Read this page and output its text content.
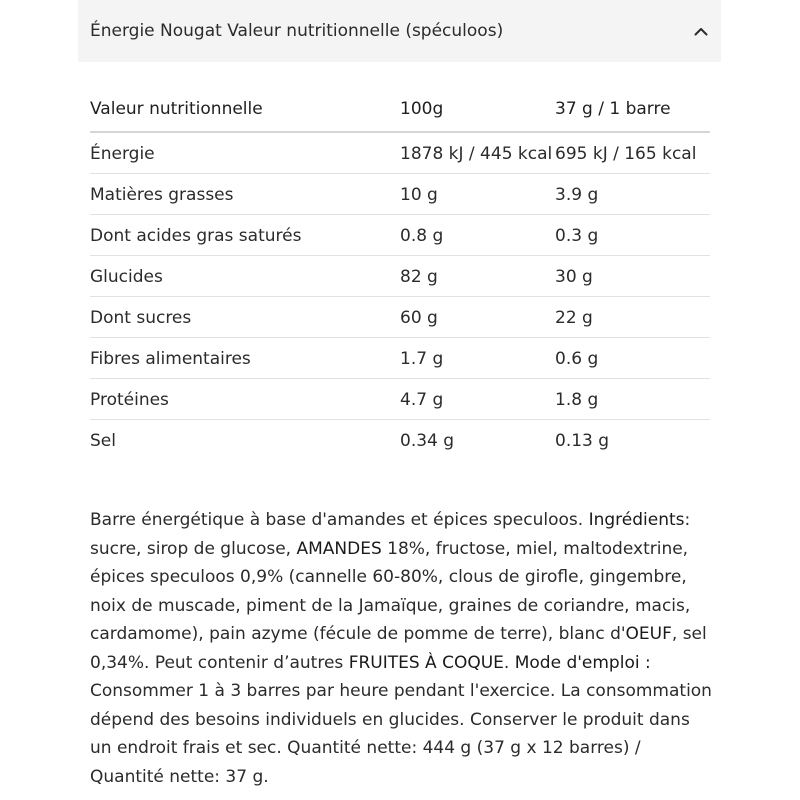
Énergie Nougat Valeur nutritionnelle (spéculoos)
Valeur nutritionnelle	100g	37 g / 1 barre
Énergie	1878 kJ / 445 kcal	695 kJ / 165 kcal
Matières grasses	10 g	3.9 g
Dont acides gras saturés	0.8 g	0.3 g
Glucides	82 g	30 g
Dont sucres	60 g	22 g
Fibres alimentaires	1.7 g	0.6 g
Protéines	4.7 g	1.8 g
Sel	0.34 g	0.13 g

Barre énergétique à base d'amandes et épices speculoos. Ingrédients: sucre, sirop de glucose, AMANDES 18%, fructose, miel, maltodextrine, épices speculoos 0,9% (cannelle 60-80%, clous de girofle, gingembre, noix de muscade, piment de la Jamaïque, graines de coriandre, macis, cardamome), pain azyme (fécule de pomme de terre), blanc d'OEUF, sel 0,34%. Peut contenir d’autres FRUITES À COQUE. Mode d'emploi : Consommer 1 à 3 barres par heure pendant l'exercice. La consommation dépend des besoins individuels en glucides. Conserver le produit dans un endroit frais et sec. Quantité nette: 444 g (37 g x 12 barres) / Quantité nette: 37 g.
